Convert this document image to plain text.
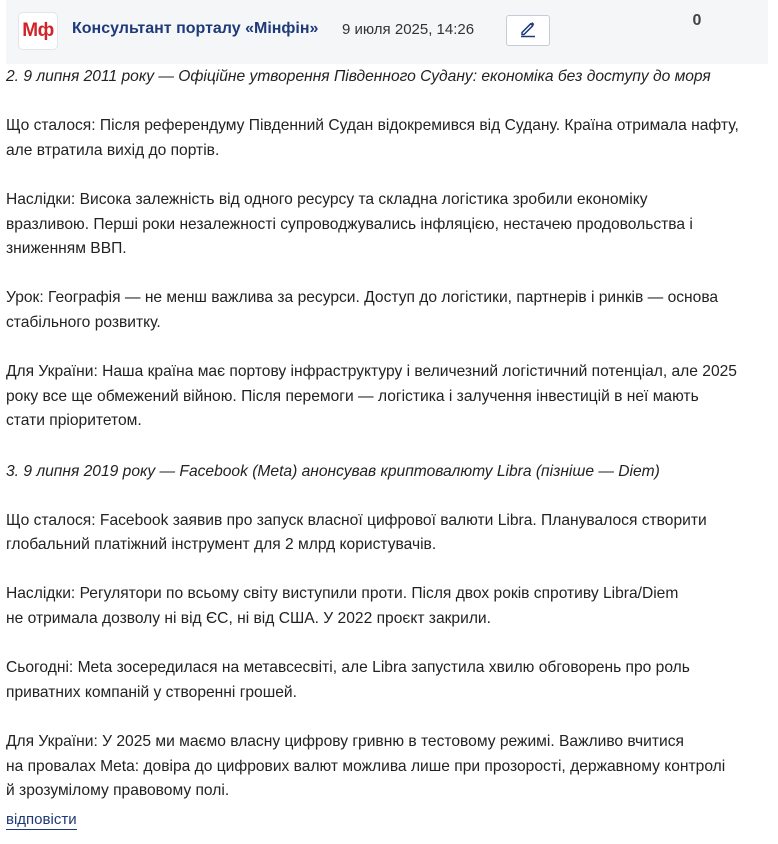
Мф Консультант порталу «Мінфін» 9 июля 2025, 14:26
0

2. 9 липня 2011 року — Офіційне утворення Південного Судану: економіка без доступу до моря

Що сталося: Після референдуму Південний Судан відокремився від Судану. Країна отримала нафту,
але втратила вихід до портів.

Наслідки: Висока залежність від одного ресурсу та складна логістика зробили економіку
вразливою. Перші роки незалежності супроводжувались інфляцією, нестачею продовольства і
зниженням ВВП.

Урок: Географія — не менш важлива за ресурси. Доступ до логістики, партнерів і ринків — основа
стабільного розвитку.

Для України: Наша країна має портову інфраструктуру і величезний логістичний потенціал, але 2025
року все ще обмежений війною. Після перемоги — логістика і залучення інвестицій в неї мають
стати пріоритетом.

3. 9 липня 2019 року — Facebook (Meta) анонсував криптовалюту Libra (пізніше — Diem)

Що сталося: Facebook заявив про запуск власної цифрової валюти Libra. Планувалося створити
глобальний платіжний інструмент для 2 млрд користувачів.

Наслідки: Регулятори по всьому світу виступили проти. Після двох років спротиву Libra/Diem
не отримала дозволу ні від ЄС, ні від США. У 2022 проєкт закрили.

Сьогодні: Meta зосередилася на метавсесвіті, але Libra запустила хвилю обговорень про роль
приватних компаній у створенні грошей.

Для України: У 2025 ми маємо власну цифрову гривню в тестовому режимі. Важливо вчитися
на провалах Meta: довіра до цифрових валют можлива лише при прозорості, державному контролі
й зрозумілому правовому полі.

відповісти
